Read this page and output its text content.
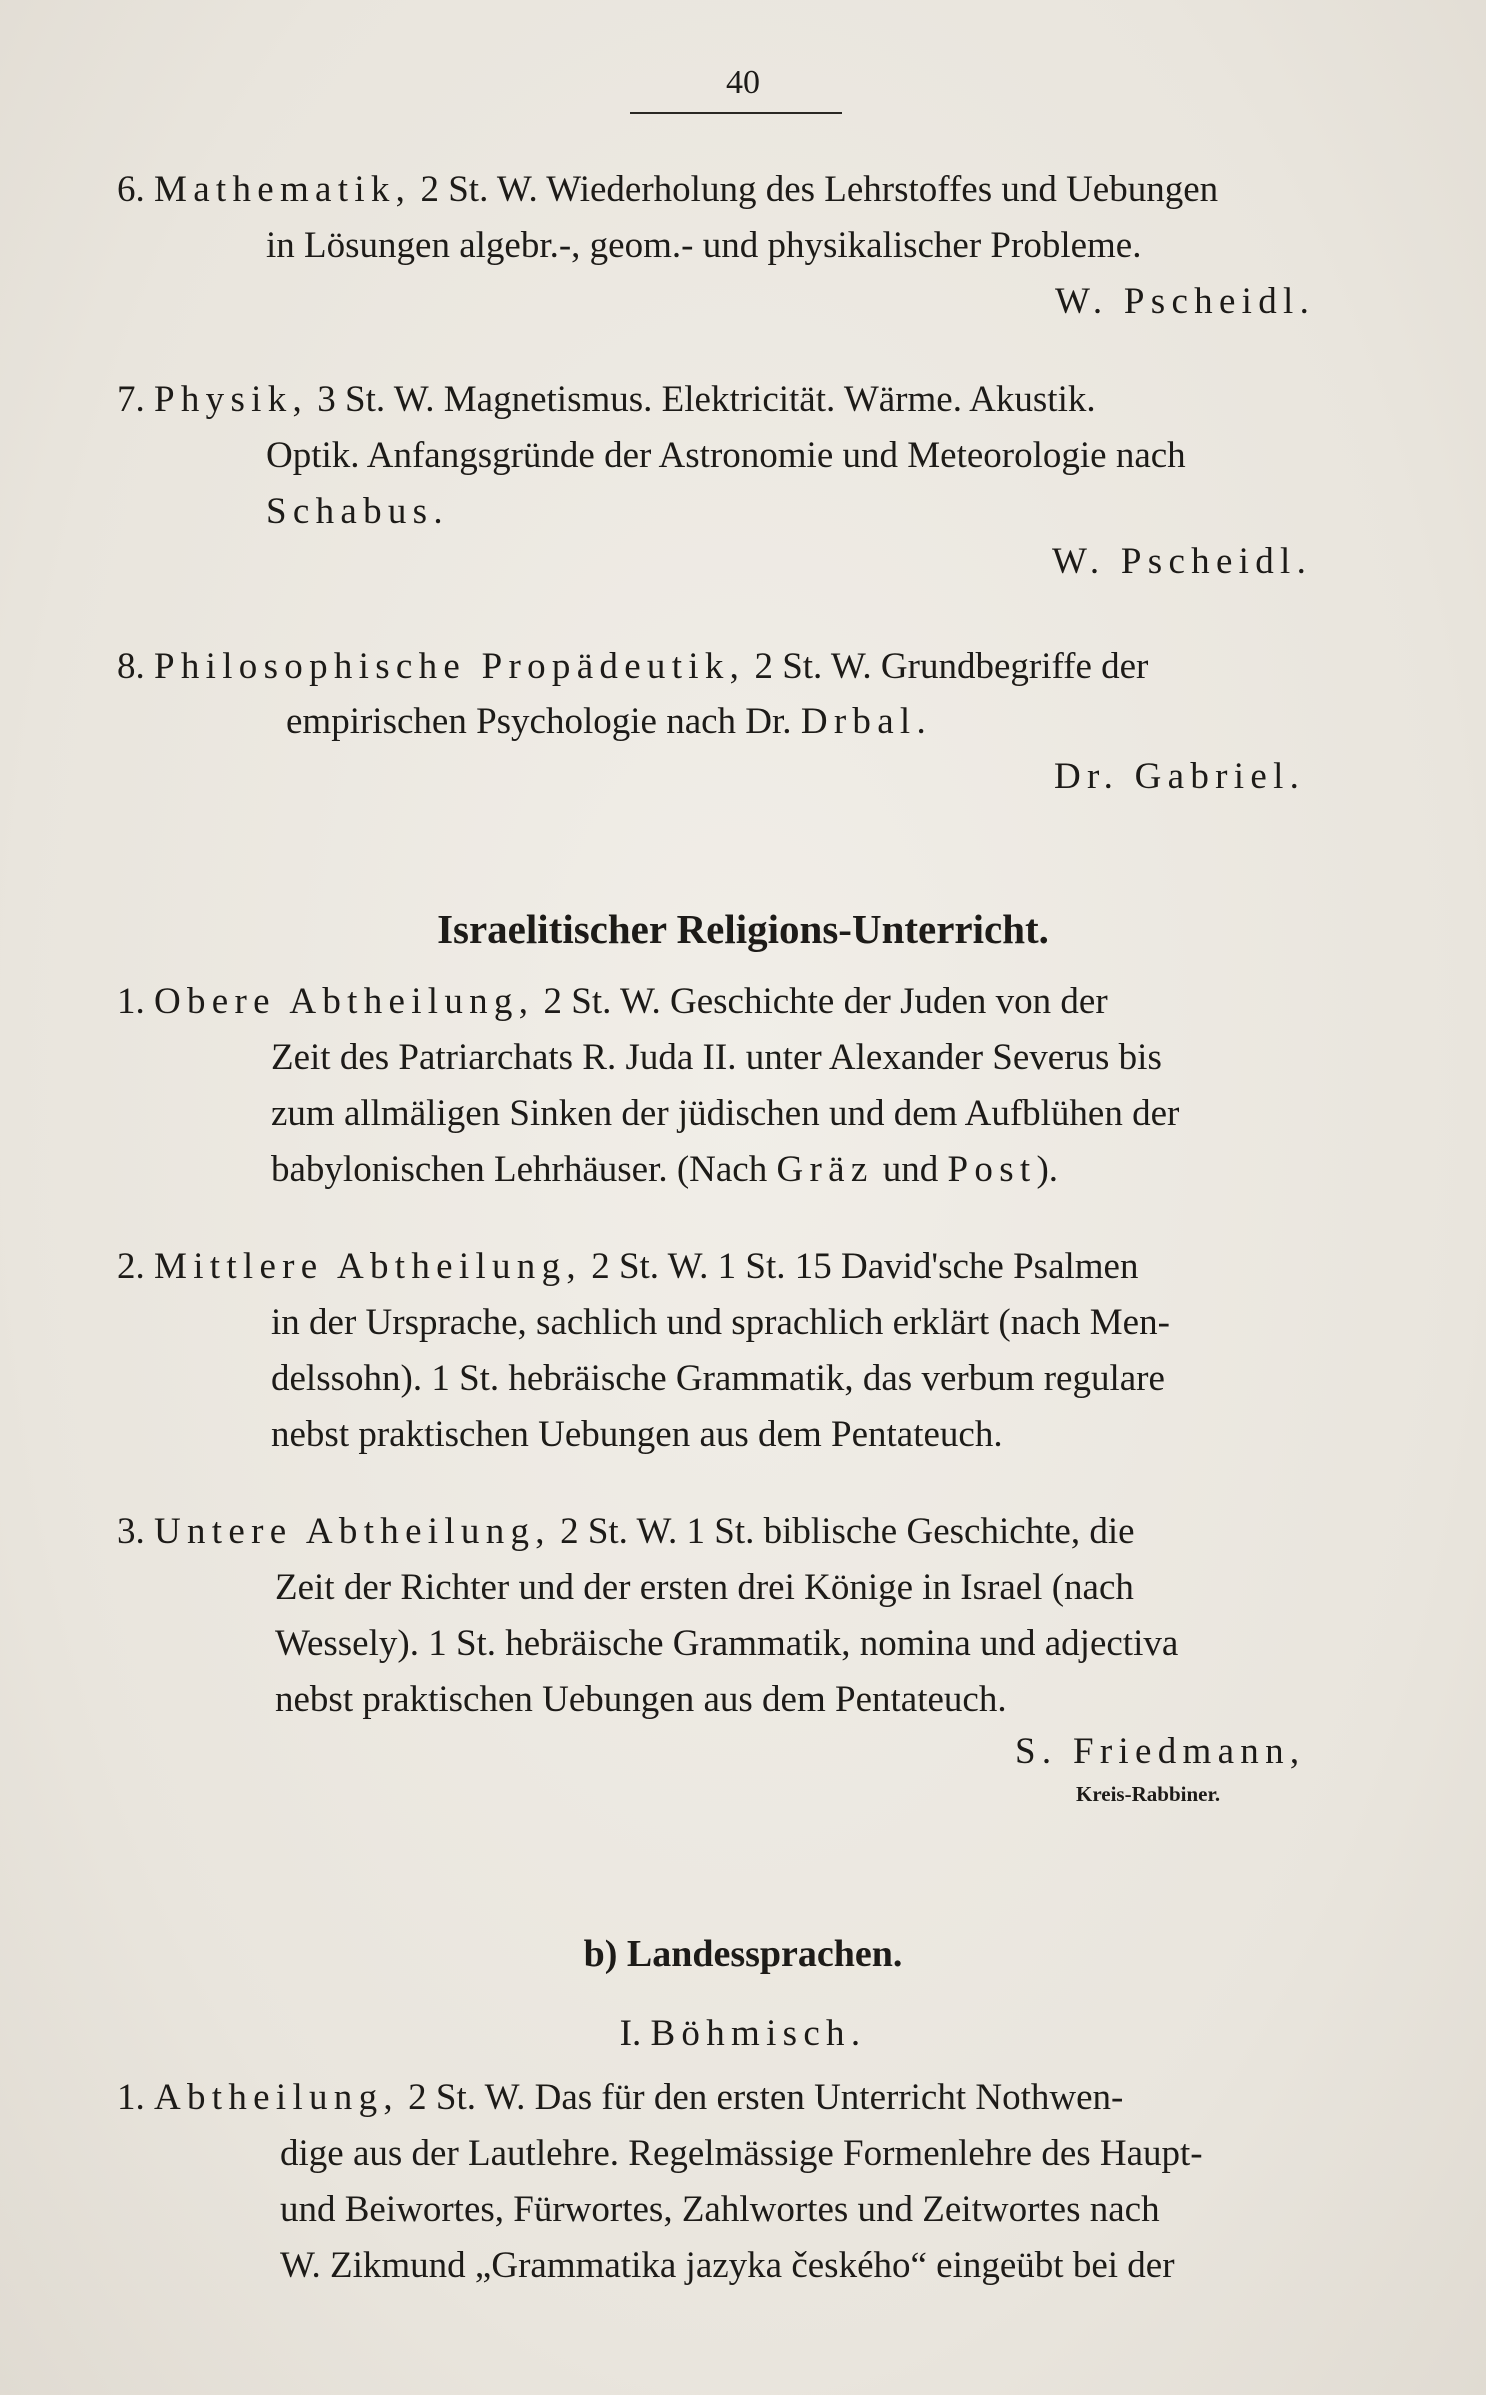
40
6. Mathematik, 2 St. W. Wiederholung des Lehrstoffes und Uebungen
in Lösungen algebr.-, geom.- und physikalischer Probleme.
W. Pscheidl.
7. Physik, 3 St. W. Magnetismus. Elektricität. Wärme. Akustik.
Optik. Anfangsgründe der Astronomie und Meteorologie nach
Schabus.
W. Pscheidl.
8. Philosophische Propädeutik, 2 St. W. Grundbegriffe der
empirischen Psychologie nach Dr. Drbal.
Dr. Gabriel.
Israelitischer Religions-Unterricht.
1. Obere Abtheilung, 2 St. W. Geschichte der Juden von der
Zeit des Patriarchats R. Juda II. unter Alexander Severus bis
zum allmäligen Sinken der jüdischen und dem Aufblühen der
babylonischen Lehrhäuser. (Nach Gräz und Post).
2. Mittlere Abtheilung, 2 St. W. 1 St. 15 David'sche Psalmen
in der Ursprache, sachlich und sprachlich erklärt (nach Men-
delssohn). 1 St. hebräische Grammatik, das verbum regulare
nebst praktischen Uebungen aus dem Pentateuch.
3. Untere Abtheilung, 2 St. W. 1 St. biblische Geschichte, die
Zeit der Richter und der ersten drei Könige in Israel (nach
Wessely). 1 St. hebräische Grammatik, nomina und adjectiva
nebst praktischen Uebungen aus dem Pentateuch.
S. Friedmann,
Kreis-Rabbiner.
b) Landessprachen.
I. Böhmisch.
1. Abtheilung, 2 St. W. Das für den ersten Unterricht Nothwen-
dige aus der Lautlehre. Regelmässige Formenlehre des Haupt-
und Beiwortes, Fürwortes, Zahlwortes und Zeitwortes nach
W. Zikmund „Grammatika jazyka českého“ eingeübt bei der
